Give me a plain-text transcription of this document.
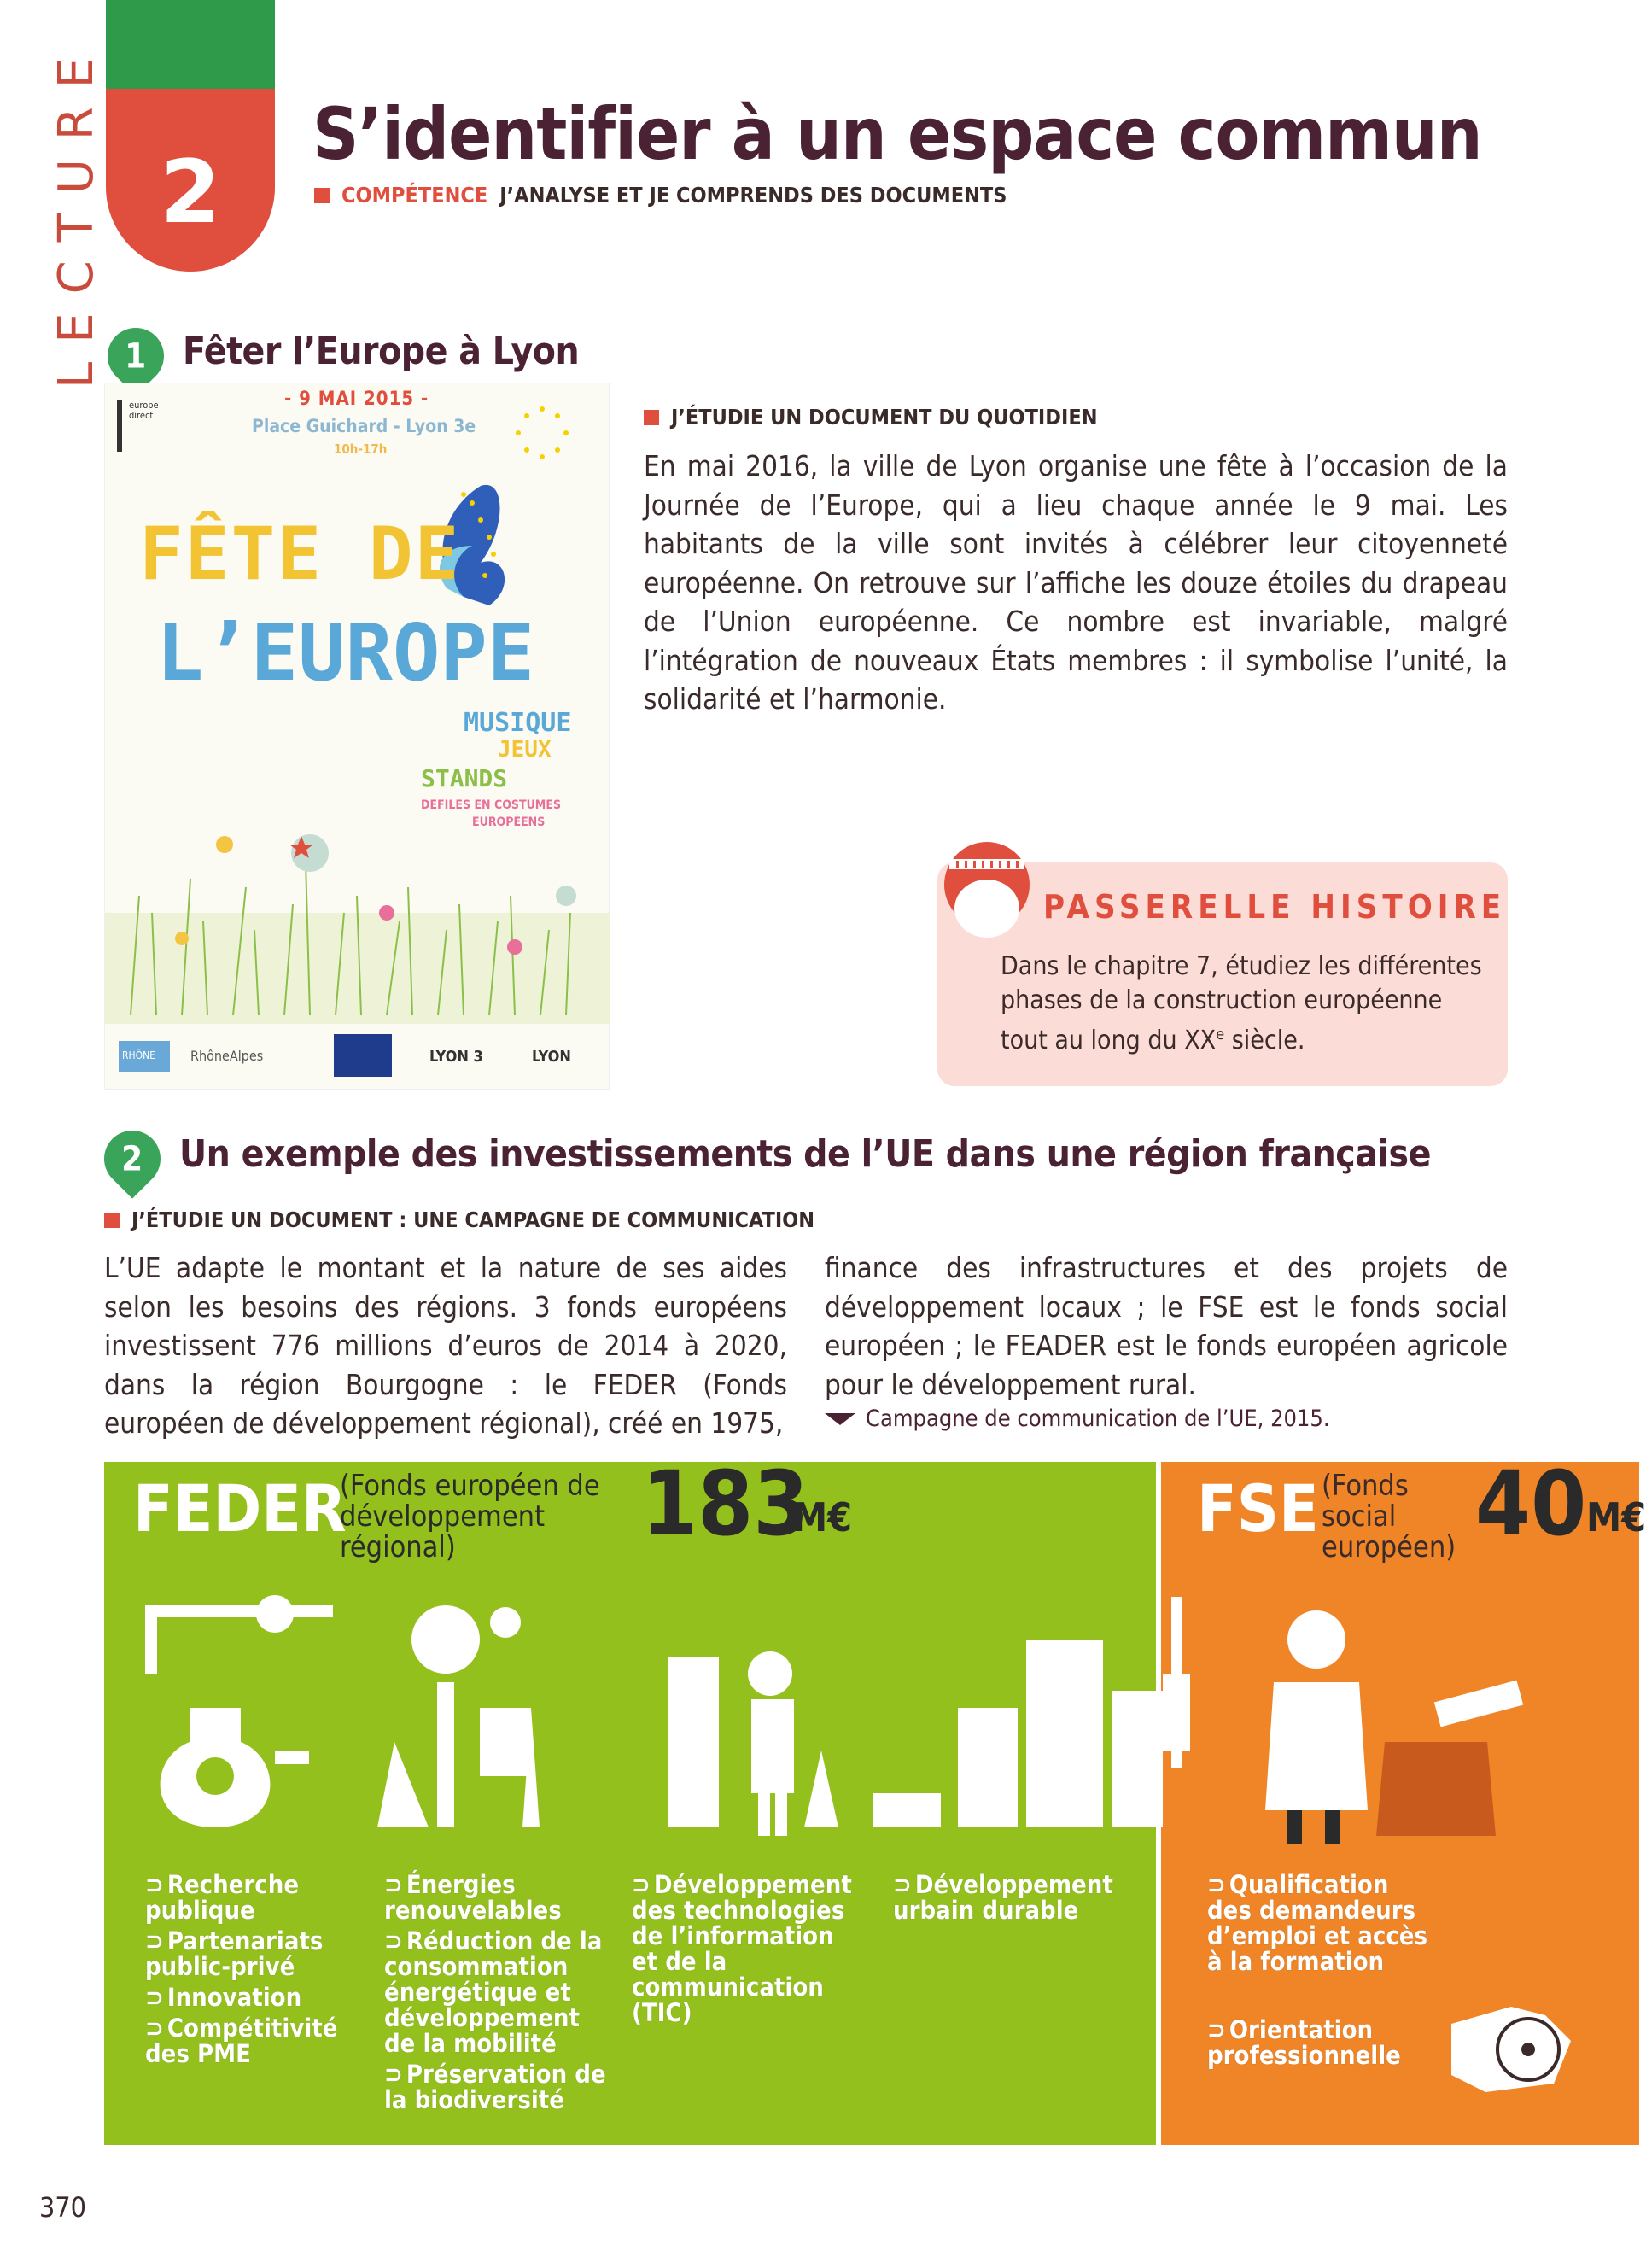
LECTURE 2
S’identifier à un espace commun
COMPÉTENCE J’ANALYSE ET JE COMPRENDS DES DOCUMENTS
1 Fêter l’Europe à Lyon
- 9 MAI 2015 -
Place Guichard - Lyon 3e
10h-17h
europe direct
FÊTE DE
L’EUROPE
MUSIQUE
JEUX
STANDS
DEFILES EN COSTUMES
EUROPEENS
RHÔNE	RhôneAlpes	LYON 3	LYON
J’ÉTUDIE UN DOCUMENT DU QUOTIDIEN

En mai 2016, la ville de Lyon organise une fête à l’occasion de la Journée de l’Europe, qui a lieu chaque année le 9 mai. Les habitants de la ville sont invités à célébrer leur citoyenneté européenne. On retrouve sur l’affiche les douze étoiles du drapeau de l’Union européenne. Ce nombre est invariable, malgré l’intégration de nouveaux États membres : il symbolise l’unité, la solidarité et l’harmonie.

PASSERELLE HISTOIRE
Dans le chapitre 7, étudiez les différentes phases de la construction européenne tout au long du XXe siècle.
2 Un exemple des investissements de l’UE dans une région française
J’ÉTUDIE UN DOCUMENT : UNE CAMPAGNE DE COMMUNICATION

L’UE adapte le montant et la nature de ses aides selon les besoins des régions. 3 fonds européens investissent 776 millions d’euros de 2014 à 2020, dans la région Bourgogne : le FEDER (Fonds européen de développement régional), créé en 1975,

finance des infrastructures et des projets de développement locaux ; le FSE est le fonds social européen ; le FEADER est le fonds européen agricole pour le développement rural.

Campagne de communication de l’UE, 2015.
FEDER
(Fonds européen de développement régional)	183
M€	FSE (Fonds social européen) 40 M€
⊃ Recherche publique
⊃ Partenariats public-privé
⊃ Innovation
⊃ Compétitivité des PME
⊃ Énergies renouvelables
⊃ Réduction de la consommation énergétique et développement de la mobilité
⊃ Préservation de la biodiversité
⊃ Développement des technologies de l’information et de la communication (TIC)
⊃ Développement urbain durable
⊃ Qualification des demandeurs d’emploi et accès à la formation
⊃ Orientation professionnelle
370
